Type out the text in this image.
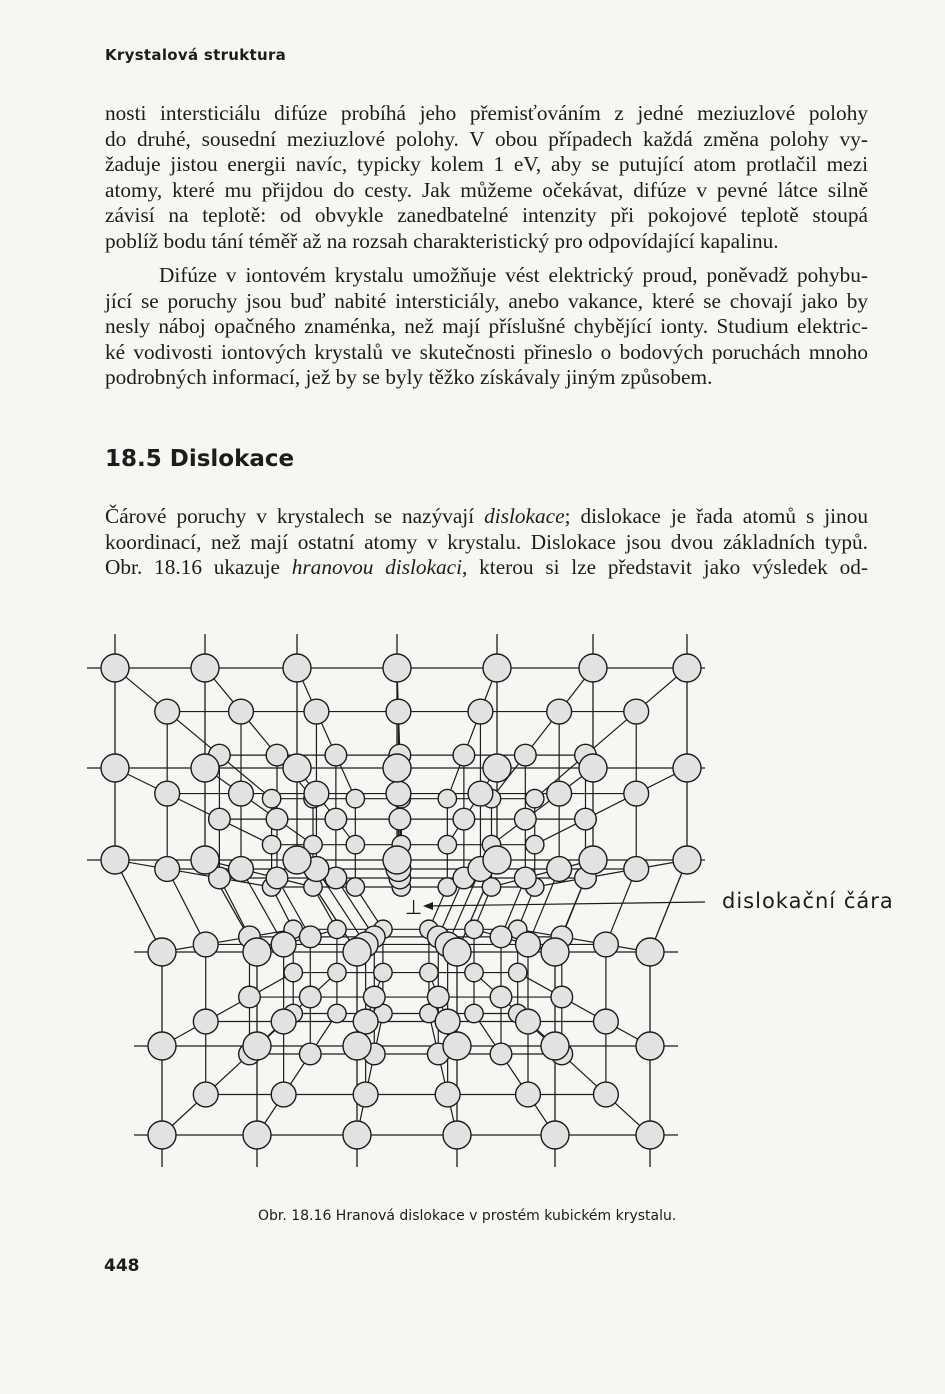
Krystalová struktura

nosti intersticiálu difúze probíhá jeho přemisťováním z jedné meziuzlové polohy
do druhé, sousední meziuzlové polohy. V obou případech každá změna polohy vy-
žaduje jistou energii navíc, typicky kolem 1 eV, aby se putující atom protlačil mezi
atomy, které mu přijdou do cesty. Jak můžeme očekávat, difúze v pevné látce silně
závisí na teplotě: od obvykle zanedbatelné intenzity při pokojové teplotě stoupá
poblíž bodu tání téměř až na rozsah charakteristický pro odpovídající kapalinu.

Difúze v iontovém krystalu umožňuje vést elektrický proud, poněvadž pohybu-
jící se poruchy jsou buď nabité intersticiály, anebo vakance, které se chovají jako by
nesly náboj opačného znaménka, než mají příslušné chybějící ionty. Studium elektric-
ké vodivosti iontových krystalů ve skutečnosti přineslo o bodových poruchách mnoho
podrobných informací, jež by se byly těžko získávaly jiným způsobem.

18.5 Dislokace

Čárové poruchy v krystalech se nazývají dislokace; dislokace je řada atomů s jinou
koordinací, než mají ostatní atomy v krystalu. Dislokace jsou dvou základních typů.
Obr. 18.16 ukazuje hranovou dislokaci, kterou si lze představit jako výsledek od-

⊥	dislokační čára
Obr. 18.16 Hranová dislokace v prostém kubickém krystalu.
448
